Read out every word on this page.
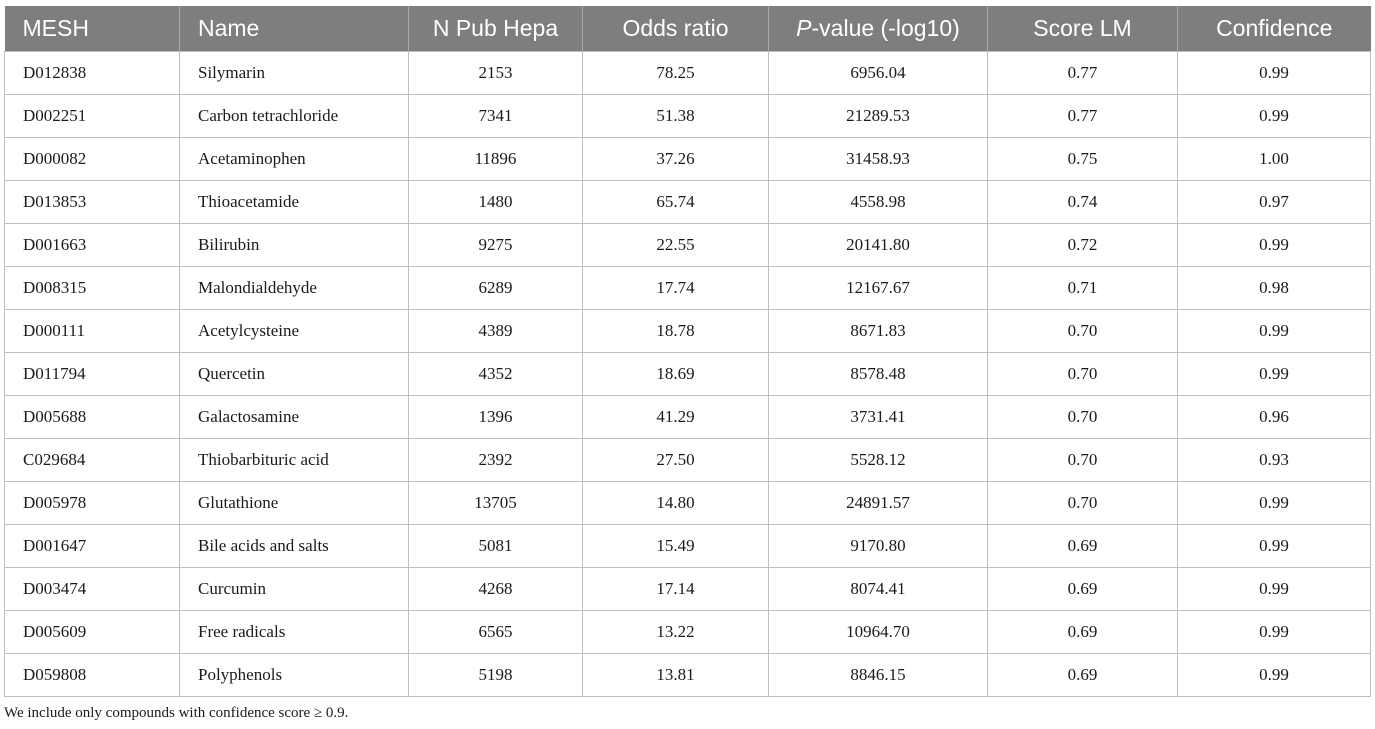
MESH	Name	N Pub Hepa	Odds ratio	P-value (-log10)	Score LM	Confidence
D012838	Silymarin	2153	78.25	6956.04	0.77	0.99
D002251	Carbon tetrachloride	7341	51.38	21289.53	0.77	0.99
D000082	Acetaminophen	11896	37.26	31458.93	0.75	1.00
D013853	Thioacetamide	1480	65.74	4558.98	0.74	0.97
D001663	Bilirubin	9275	22.55	20141.80	0.72	0.99
D008315	Malondialdehyde	6289	17.74	12167.67	0.71	0.98
D000111	Acetylcysteine	4389	18.78	8671.83	0.70	0.99
D011794	Quercetin	4352	18.69	8578.48	0.70	0.99
D005688	Galactosamine	1396	41.29	3731.41	0.70	0.96
C029684	Thiobarbituric acid	2392	27.50	5528.12	0.70	0.93
D005978	Glutathione	13705	14.80	24891.57	0.70	0.99
D001647	Bile acids and salts	5081	15.49	9170.80	0.69	0.99
D003474	Curcumin	4268	17.14	8074.41	0.69	0.99
D005609	Free radicals	6565	13.22	10964.70	0.69	0.99
D059808	Polyphenols	5198	13.81	8846.15	0.69	0.99
We include only compounds with confidence score ≥ 0.9.
